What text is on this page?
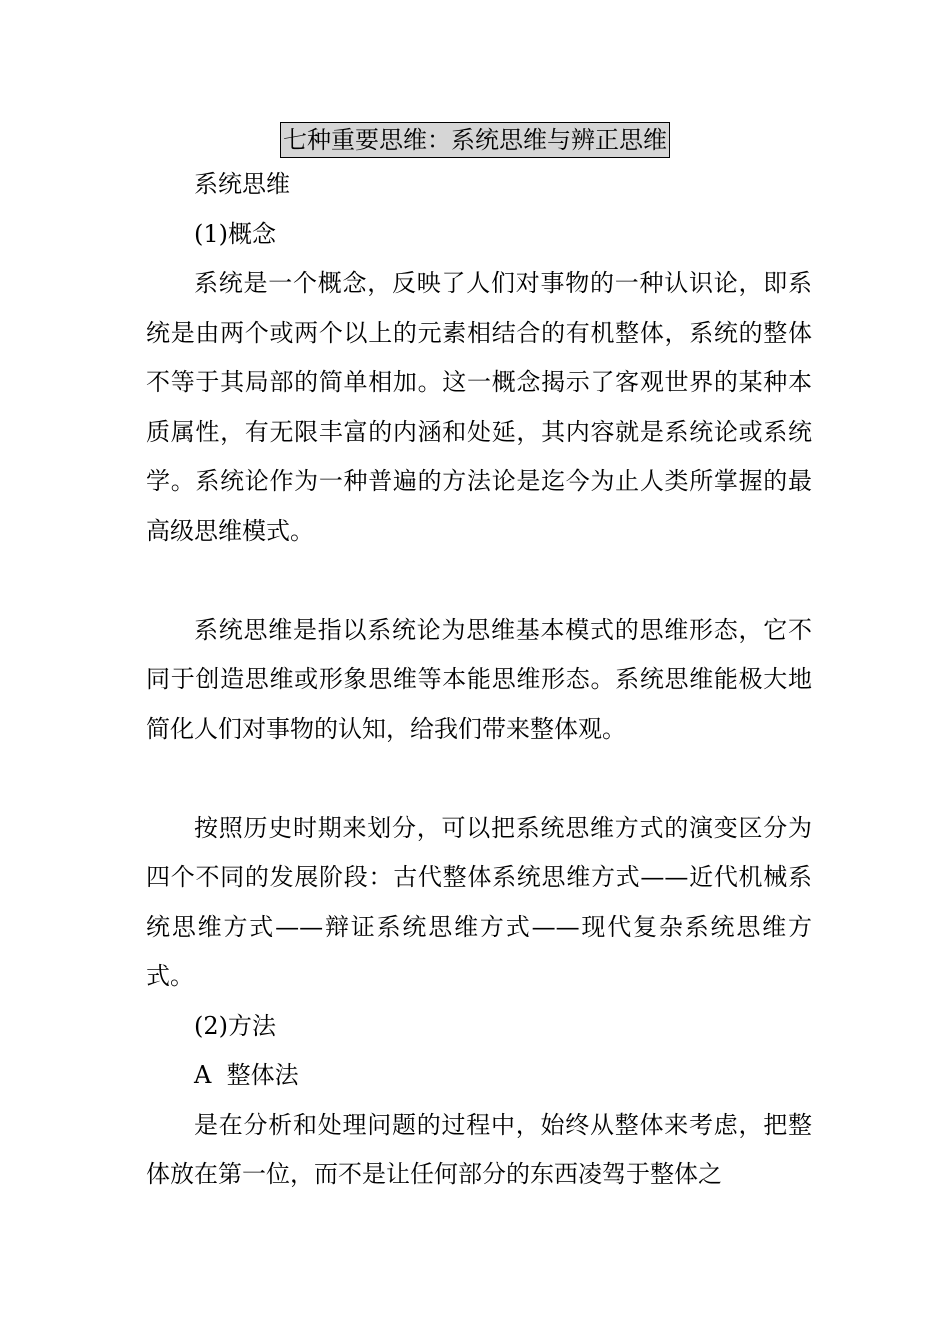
七种重要思维：系统思维与辨正思维

系统思维

(1)概念

系统是一个概念，反映了人们对事物的一种认识论，即系统是由两个或两个以上的元素相结合的有机整体，系统的整体不等于其局部的简单相加。这一概念揭示了客观世界的某种本质属性，有无限丰富的内涵和处延，其内容就是系统论或系统学。系统论作为一种普遍的方法论是迄今为止人类所掌握的最高级思维模式。

系统思维是指以系统论为思维基本模式的思维形态，它不同于创造思维或形象思维等本能思维形态。系统思维能极大地简化人们对事物的认知，给我们带来整体观。

按照历史时期来划分，可以把系统思维方式的演变区分为四个不同的发展阶段：古代整体系统思维方式——近代机械系统思维方式——辩证系统思维方式——现代复杂系统思维方式。

(2)方法

A  整体法

是在分析和处理问题的过程中，始终从整体来考虑，把整体放在第一位，而不是让任何部分的东西凌驾于整体之
